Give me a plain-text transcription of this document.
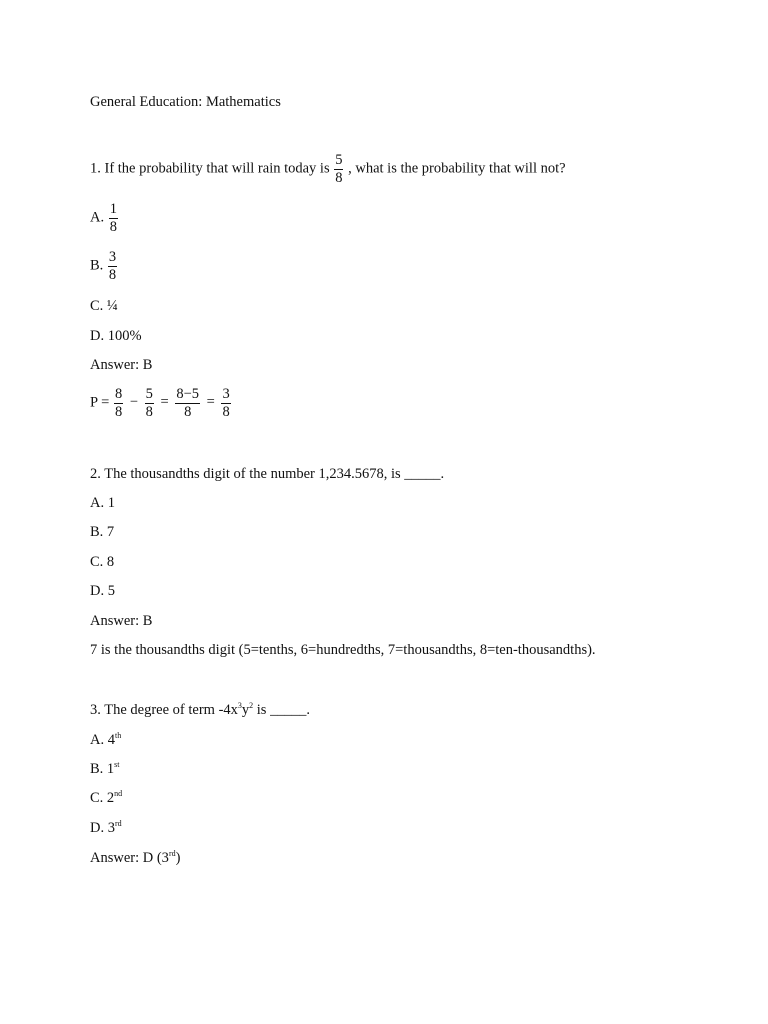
General Education: Mathematics
1. If the probability that will rain today is $\frac{5}{8}$ , what is the probability that will not?
A. $\frac{1}{8}$
B. $\frac{3}{8}$
C. ¼
D. 100%
Answer: B
$P = \frac{8}{8} - \frac{5}{8} = \frac{8-5}{8} = \frac{3}{8}$
2. The thousandths digit of the number 1,234.5678, is _____.
A. 1
B. 7
C. 8
D. 5
Answer: B
7 is the thousandths digit (5=tenths, 6=hundredths, 7=thousandths, 8=ten-thousandths).
3. The degree of term $-4x^3y^2$ is _____.
A. 4th
B. 1st
C. 2nd
D. 3rd
Answer: D (3rd)
